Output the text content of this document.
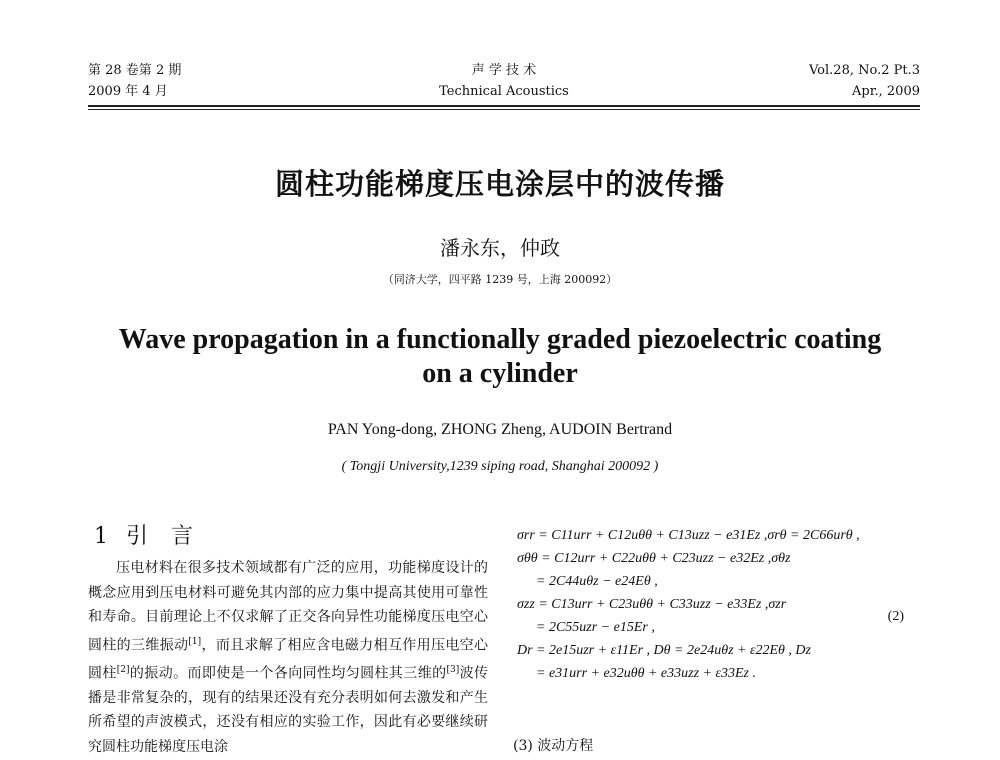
第 28 卷第 2 期
2009 年 4 月
声 学 技 术
Technical Acoustics
Vol.28, No.2 Pt.3
Apr., 2009
圆柱功能梯度压电涂层中的波传播
潘永东，仲政
（同济大学，四平路 1239 号，上海 200092）
Wave propagation in a functionally graded piezoelectric coating
on a cylinder
PAN Yong-dong, ZHONG Zheng, AUDOIN Bertrand
( Tongji University,1239 siping road, Shanghai 200092 )
1 引 言
压电材料在很多技术领域都有广泛的应用，功能梯度设计的概念应用到压电材料可避免其内部的应力集中提高其使用可靠性和寿命。目前理论上不仅求解了正交各向异性功能梯度压电空心圆柱的三维振动[1]，而且求解了相应含电磁力相互作用压电空心圆柱[2]的振动。而即使是一个各向同性均匀圆柱其三维的[3]波传播是非常复杂的，现有的结果还没有充分表明如何去激发和产生所希望的声波模式，还没有相应的实验工作，因此有必要继续研究圆柱功能梯度压电涂
σrr = C11urr + C12uθθ + C13uzz − e31Ez ,σrθ = 2C66urθ ,
σθθ = C12urr + C22uθθ + C23uzz − e32Ez ,σθz
= 2C44uθz − e24Eθ ,
σzz = C13urr + C23uθθ + C33uzz − e33Ez ,σzr
= 2C55uzr − e15Er ,
Dr = 2e15uzr + ε11Er , Dθ = 2e24uθz + ε22Eθ , Dz
= e31urr + e32uθθ + e33uzz + ε33Ez .
(2)
(3) 波动方程
